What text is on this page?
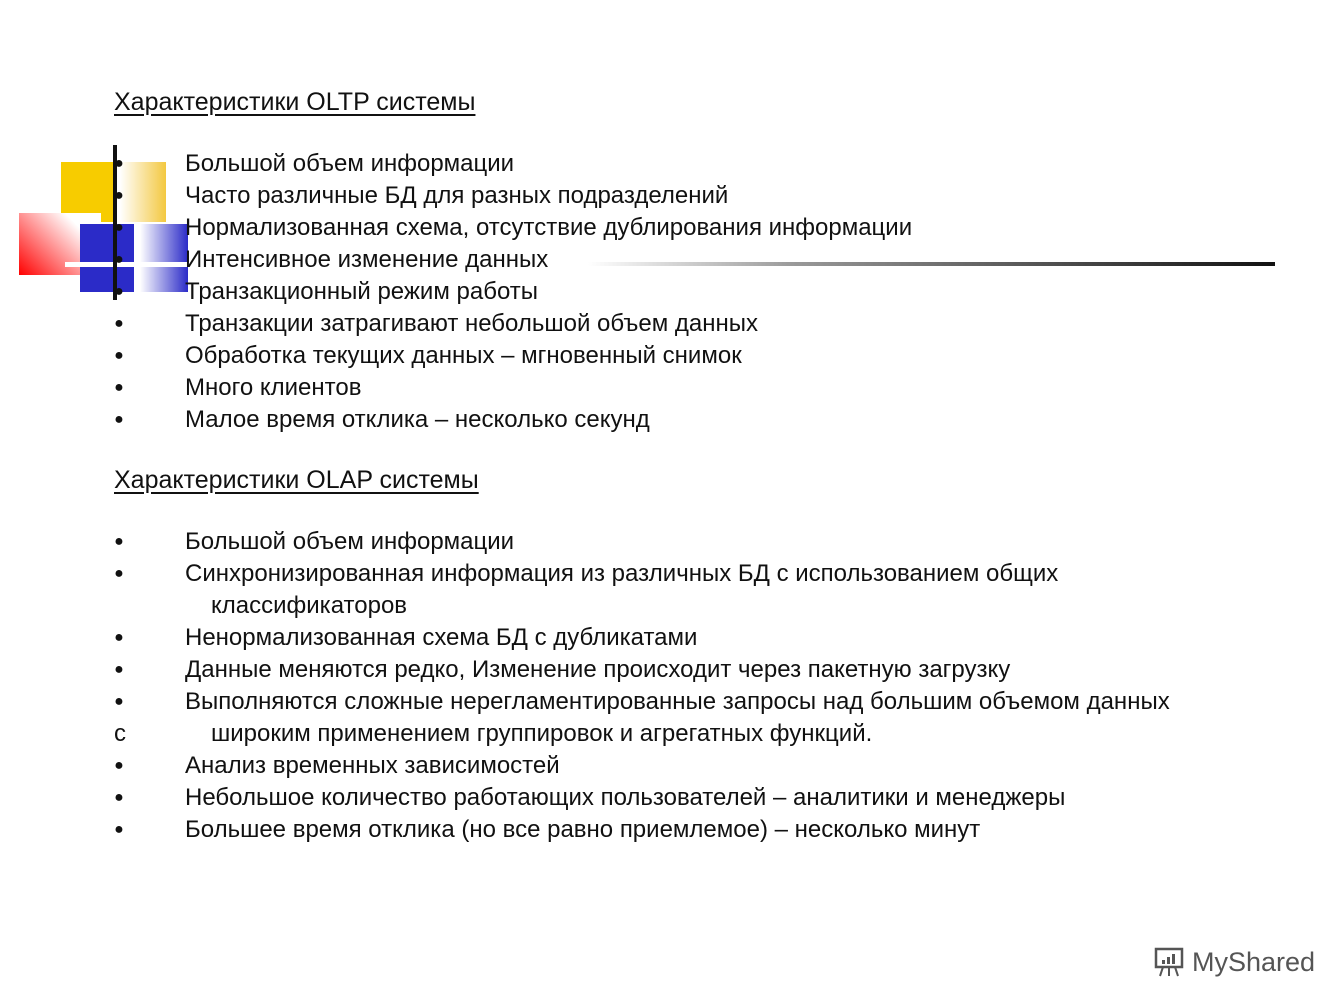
Характеристики OLTP системы
●	Большой объем информации
●	Часто различные БД для разных подразделений
●	Нормализованная схема, отсутствие дублирования информации
●	Интенсивное изменение данных
●	Транзакционный режим работы
●	Транзакции затрагивают небольшой объем данных
●	Обработка текущих данных – мгновенный снимок
●	Много клиентов
●	Малое время отклика – несколько секунд
Характеристики OLAP системы
●	Большой объем информации
●	Синхронизированная информация из различных БД с использованием общих
классификаторов
●	Ненормализованная схема БД с дубликатами
●	Данные меняются редко, Изменение происходит через пакетную загрузку
●	Выполняются сложные нерегламентированные запросы над большим объемом данных
с	широким применением группировок и агрегатных функций.
●	Анализ временных зависимостей
●	Небольшое количество работающих пользователей – аналитики и менеджеры
●	Большее время отклика (но все равно приемлемое) – несколько минут
MyShared
